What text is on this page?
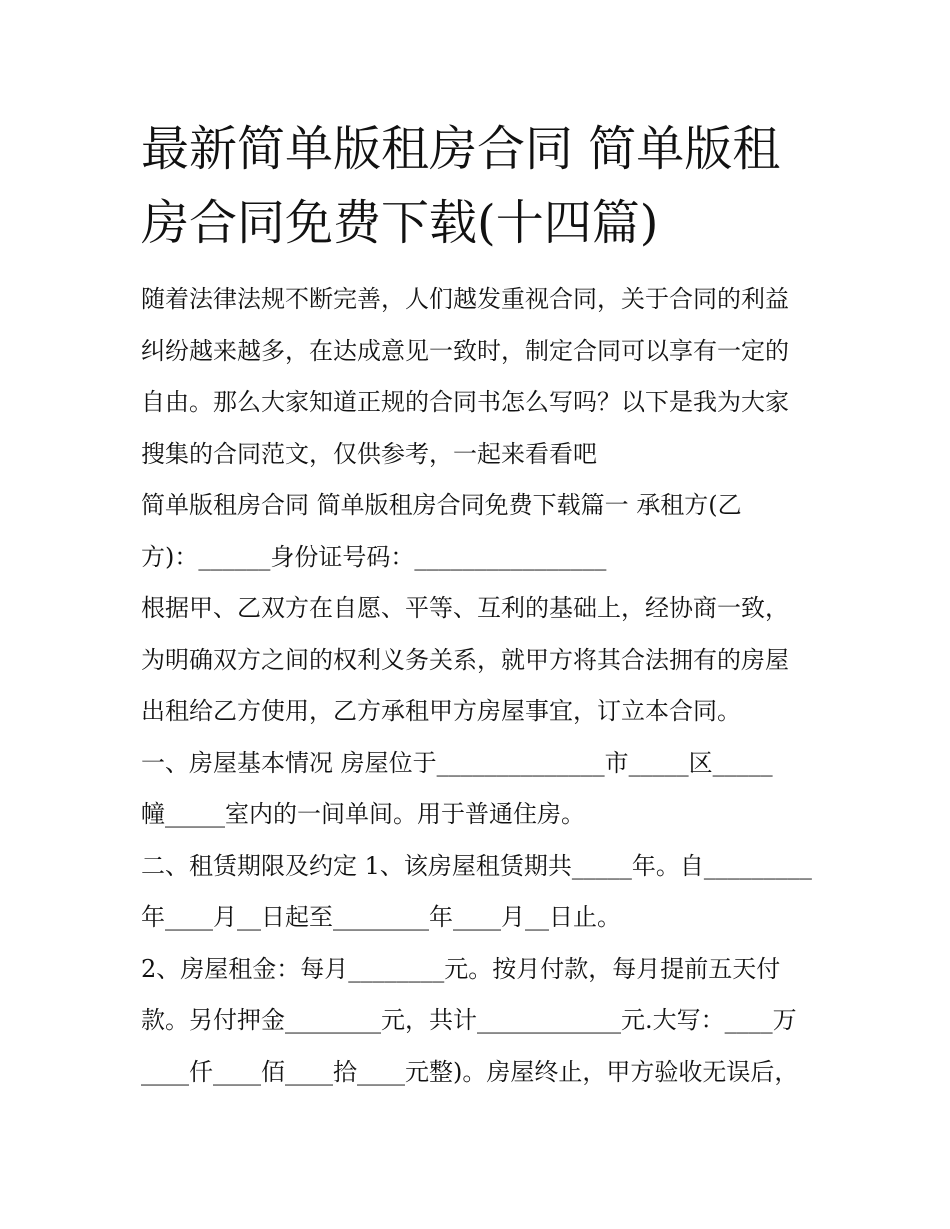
最新简单版租房合同 简单版租
房合同免费下载(十四篇)
随着法律法规不断完善，人们越发重视合同，关于合同的利益
纠纷越来越多，在达成意见一致时，制定合同可以享有一定的
自由。那么大家知道正规的合同书怎么写吗？以下是我为大家
搜集的合同范文，仅供参考，一起来看看吧
简单版租房合同 简单版租房合同免费下载篇一 承租方(乙
方)：______身份证号码：________________
根据甲、乙双方在自愿、平等、互利的基础上，经协商一致，
为明确双方之间的权利义务关系，就甲方将其合法拥有的房屋
出租给乙方使用，乙方承租甲方房屋事宜，订立本合同。
一、房屋基本情况 房屋位于______________市_____区_____
幢_____室内的一间单间。用于普通住房。
二、租赁期限及约定 1、该房屋租赁期共_____年。自_________
年____月__日起至________年____月__日止。
2、房屋租金：每月________元。按月付款，每月提前五天付
款。另付押金________元，共计____________元.大写：____万
____仟____佰____拾____元整)。房屋终止，甲方验收无误后，
